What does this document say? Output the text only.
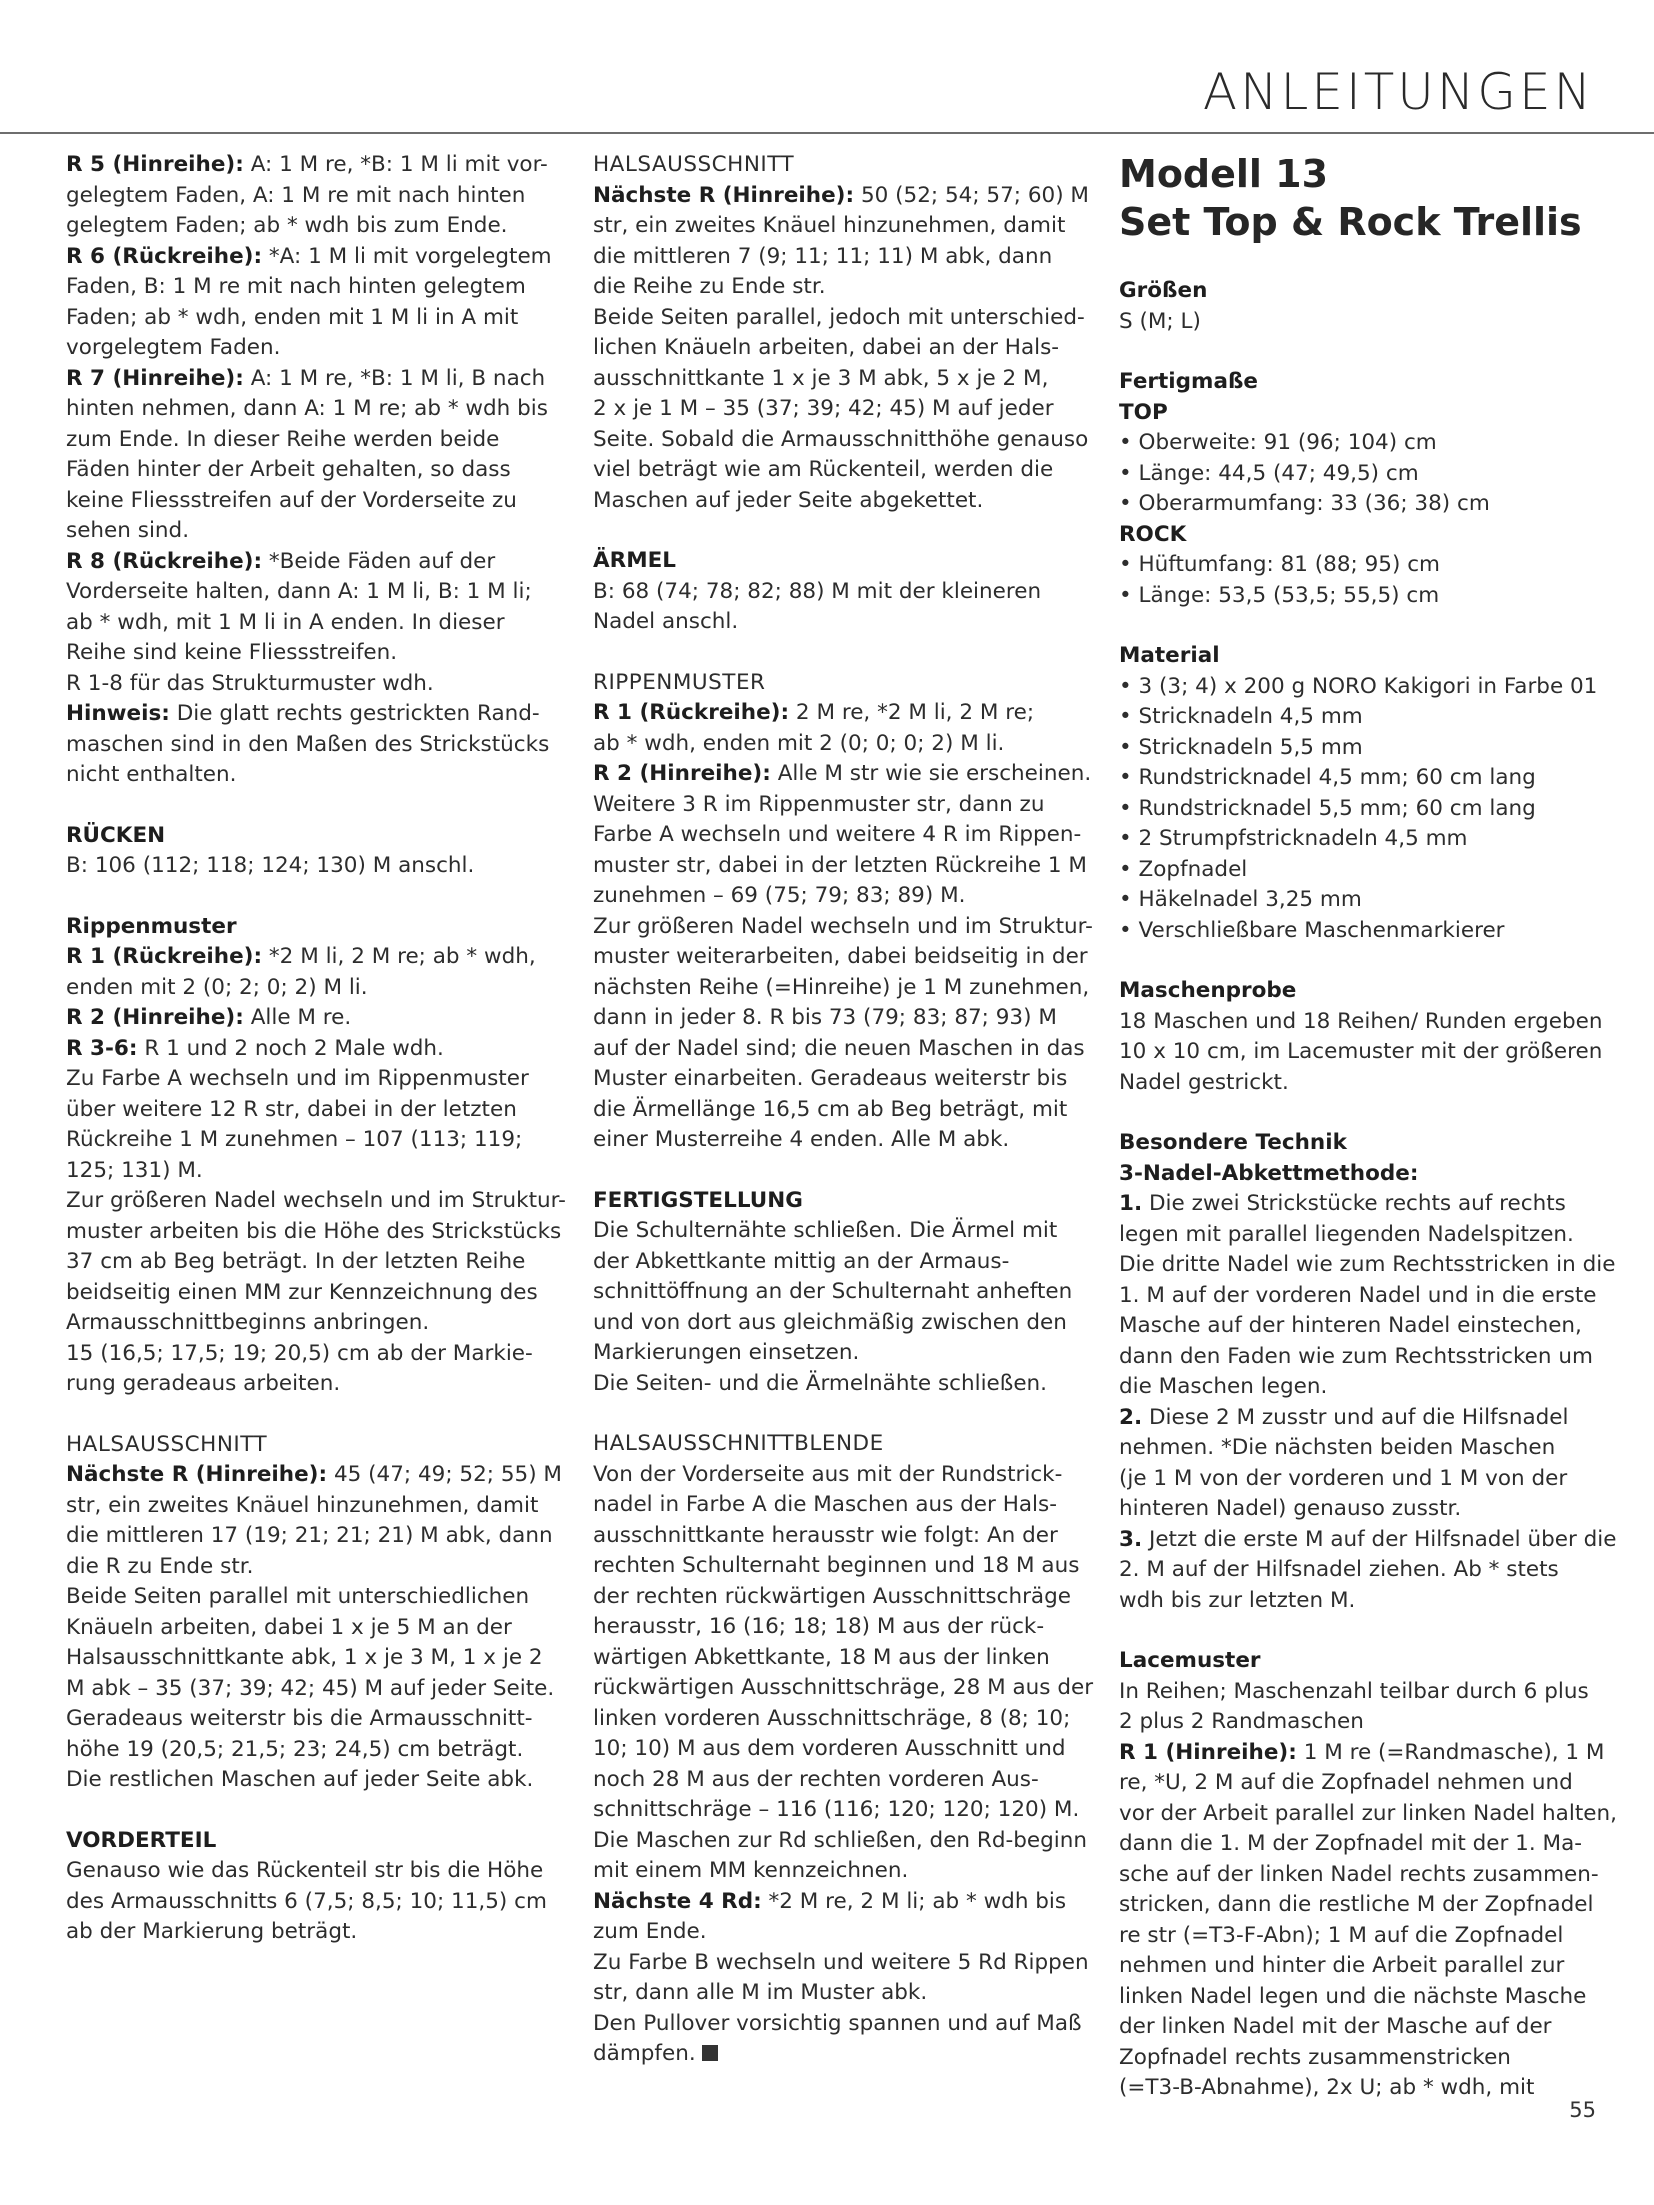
ANLEITUNGEN

R 5 (Hinreihe): A: 1 M re, *B: 1 M li mit vor-

gelegtem Faden, A: 1 M re mit nach hinten

gelegtem Faden; ab * wdh bis zum Ende.

R 6 (Rückreihe): *A: 1 M li mit vorgelegtem

Faden, B: 1 M re mit nach hinten gelegtem

Faden; ab * wdh, enden mit 1 M li in A mit

vorgelegtem Faden.

R 7 (Hinreihe): A: 1 M re, *B: 1 M li, B nach

hinten nehmen, dann A: 1 M re; ab * wdh bis

zum Ende. In dieser Reihe werden beide

Fäden hinter der Arbeit gehalten, so dass

keine Fliessstreifen auf der Vorderseite zu

sehen sind.

R 8 (Rückreihe): *Beide Fäden auf der

Vorderseite halten, dann A: 1 M li, B: 1 M li;

ab * wdh, mit 1 M li in A enden. In dieser

Reihe sind keine Fliessstreifen.

R 1-8 für das Strukturmuster wdh.

Hinweis: Die glatt rechts gestrickten Rand-

maschen sind in den Maßen des Strickstücks

nicht enthalten.

RÜCKEN

B: 106 (112; 118; 124; 130) M anschl.

Rippenmuster

R 1 (Rückreihe): *2 M li, 2 M re; ab * wdh,

enden mit 2 (0; 2; 0; 2) M li.

R 2 (Hinreihe): Alle M re.

R 3-6: R 1 und 2 noch 2 Male wdh.

Zu Farbe A wechseln und im Rippenmuster

über weitere 12 R str, dabei in der letzten

Rückreihe 1 M zunehmen – 107 (113; 119;

125; 131) M.

Zur größeren Nadel wechseln und im Struktur-

muster arbeiten bis die Höhe des Strickstücks

37 cm ab Beg beträgt. In der letzten Reihe

beidseitig einen MM zur Kennzeichnung des

Armausschnittbeginns anbringen.

15 (16,5; 17,5; 19; 20,5) cm ab der Markie-

rung geradeaus arbeiten.

HALSAUSSCHNITT

Nächste R (Hinreihe): 45 (47; 49; 52; 55) M

str, ein zweites Knäuel hinzunehmen, damit

die mittleren 17 (19; 21; 21; 21) M abk, dann

die R zu Ende str.

Beide Seiten parallel mit unterschiedlichen

Knäueln arbeiten, dabei 1 x je 5 M an der

Halsausschnittkante abk, 1 x je 3 M, 1 x je 2

M abk – 35 (37; 39; 42; 45) M auf jeder Seite.

Geradeaus weiterstr bis die Armausschnitt-

höhe 19 (20,5; 21,5; 23; 24,5) cm beträgt.

Die restlichen Maschen auf jeder Seite abk.

VORDERTEIL

Genauso wie das Rückenteil str bis die Höhe

des Armausschnitts 6 (7,5; 8,5; 10; 11,5) cm

ab der Markierung beträgt.

HALSAUSSCHNITT

Nächste R (Hinreihe): 50 (52; 54; 57; 60) M

str, ein zweites Knäuel hinzunehmen, damit

die mittleren 7 (9; 11; 11; 11) M abk, dann

die Reihe zu Ende str.

Beide Seiten parallel, jedoch mit unterschied-

lichen Knäueln arbeiten, dabei an der Hals-

ausschnittkante 1 x je 3 M abk, 5 x je 2 M,

2 x je 1 M – 35 (37; 39; 42; 45) M auf jeder

Seite. Sobald die Armausschnitthöhe genauso

viel beträgt wie am Rückenteil, werden die

Maschen auf jeder Seite abgekettet.

ÄRMEL

B: 68 (74; 78; 82; 88) M mit der kleineren

Nadel anschl.

RIPPENMUSTER

R 1 (Rückreihe): 2 M re, *2 M li, 2 M re;

ab * wdh, enden mit 2 (0; 0; 0; 2) M li.

R 2 (Hinreihe): Alle M str wie sie erscheinen.

Weitere 3 R im Rippenmuster str, dann zu

Farbe A wechseln und weitere 4 R im Rippen-

muster str, dabei in der letzten Rückreihe 1 M

zunehmen – 69 (75; 79; 83; 89) M.

Zur größeren Nadel wechseln und im Struktur-

muster weiterarbeiten, dabei beidseitig in der

nächsten Reihe (=Hinreihe) je 1 M zunehmen,

dann in jeder 8. R bis 73 (79; 83; 87; 93) M

auf der Nadel sind; die neuen Maschen in das

Muster einarbeiten. Geradeaus weiterstr bis

die Ärmellänge 16,5 cm ab Beg beträgt, mit

einer Musterreihe 4 enden. Alle M abk.

FERTIGSTELLUNG

Die Schulternähte schließen. Die Ärmel mit

der Abkettkante mittig an der Armaus-

schnittöffnung an der Schulternaht anheften

und von dort aus gleichmäßig zwischen den

Markierungen einsetzen.

Die Seiten- und die Ärmelnähte schließen.

HALSAUSSCHNITTBLENDE

Von der Vorderseite aus mit der Rundstrick-

nadel in Farbe A die Maschen aus der Hals-

ausschnittkante herausstr wie folgt: An der

rechten Schulternaht beginnen und 18 M aus

der rechten rückwärtigen Ausschnittschräge

herausstr, 16 (16; 18; 18) M aus der rück-

wärtigen Abkettkante, 18 M aus der linken

rückwärtigen Ausschnittschräge, 28 M aus der

linken vorderen Ausschnittschräge, 8 (8; 10;

10; 10) M aus dem vorderen Ausschnitt und

noch 28 M aus der rechten vorderen Aus-

schnittschräge – 116 (116; 120; 120; 120) M.

Die Maschen zur Rd schließen, den Rd-beginn

mit einem MM kennzeichnen.

Nächste 4 Rd: *2 M re, 2 M li; ab * wdh bis

zum Ende.

Zu Farbe B wechseln und weitere 5 Rd Rippen

str, dann alle M im Muster abk.

Den Pullover vorsichtig spannen und auf Maß

dämpfen.

Modell 13
Set Top & Rock Trellis

Größen

S (M; L)

Fertigmaße

TOP

• Oberweite: 91 (96; 104) cm

• Länge: 44,5 (47; 49,5) cm

• Oberarmumfang: 33 (36; 38) cm

ROCK

• Hüftumfang: 81 (88; 95) cm

• Länge: 53,5 (53,5; 55,5) cm

Material

• 3 (3; 4) x 200 g NORO Kakigori in Farbe 01

• Stricknadeln 4,5 mm

• Stricknadeln 5,5 mm

• Rundstricknadel 4,5 mm; 60 cm lang

• Rundstricknadel 5,5 mm; 60 cm lang

• 2 Strumpfstricknadeln 4,5 mm

• Zopfnadel

• Häkelnadel 3,25 mm

• Verschließbare Maschenmarkierer

Maschenprobe

18 Maschen und 18 Reihen/ Runden ergeben

10 x 10 cm, im Lacemuster mit der größeren

Nadel gestrickt.

Besondere Technik

3-Nadel-Abkettmethode:

1. Die zwei Strickstücke rechts auf rechts

legen mit parallel liegenden Nadelspitzen.

Die dritte Nadel wie zum Rechtsstricken in die

1. M auf der vorderen Nadel und in die erste

Masche auf der hinteren Nadel einstechen,

dann den Faden wie zum Rechtsstricken um

die Maschen legen.

2. Diese 2 M zusstr und auf die Hilfsnadel

nehmen. *Die nächsten beiden Maschen

(je 1 M von der vorderen und 1 M von der

hinteren Nadel) genauso zusstr.

3. Jetzt die erste M auf der Hilfsnadel über die

2. M auf der Hilfsnadel ziehen. Ab * stets

wdh bis zur letzten M.

Lacemuster

In Reihen; Maschenzahl teilbar durch 6 plus

2 plus 2 Randmaschen

R 1 (Hinreihe): 1 M re (=Randmasche), 1 M

re, *U, 2 M auf die Zopfnadel nehmen und

vor der Arbeit parallel zur linken Nadel halten,

dann die 1. M der Zopfnadel mit der 1. Ma-

sche auf der linken Nadel rechts zusammen-

stricken, dann die restliche M der Zopfnadel

re str (=T3-F-Abn); 1 M auf die Zopfnadel

nehmen und hinter die Arbeit parallel zur

linken Nadel legen und die nächste Masche

der linken Nadel mit der Masche auf der

Zopfnadel rechts zusammenstricken

(=T3-B-Abnahme), 2x U; ab * wdh, mit

55
